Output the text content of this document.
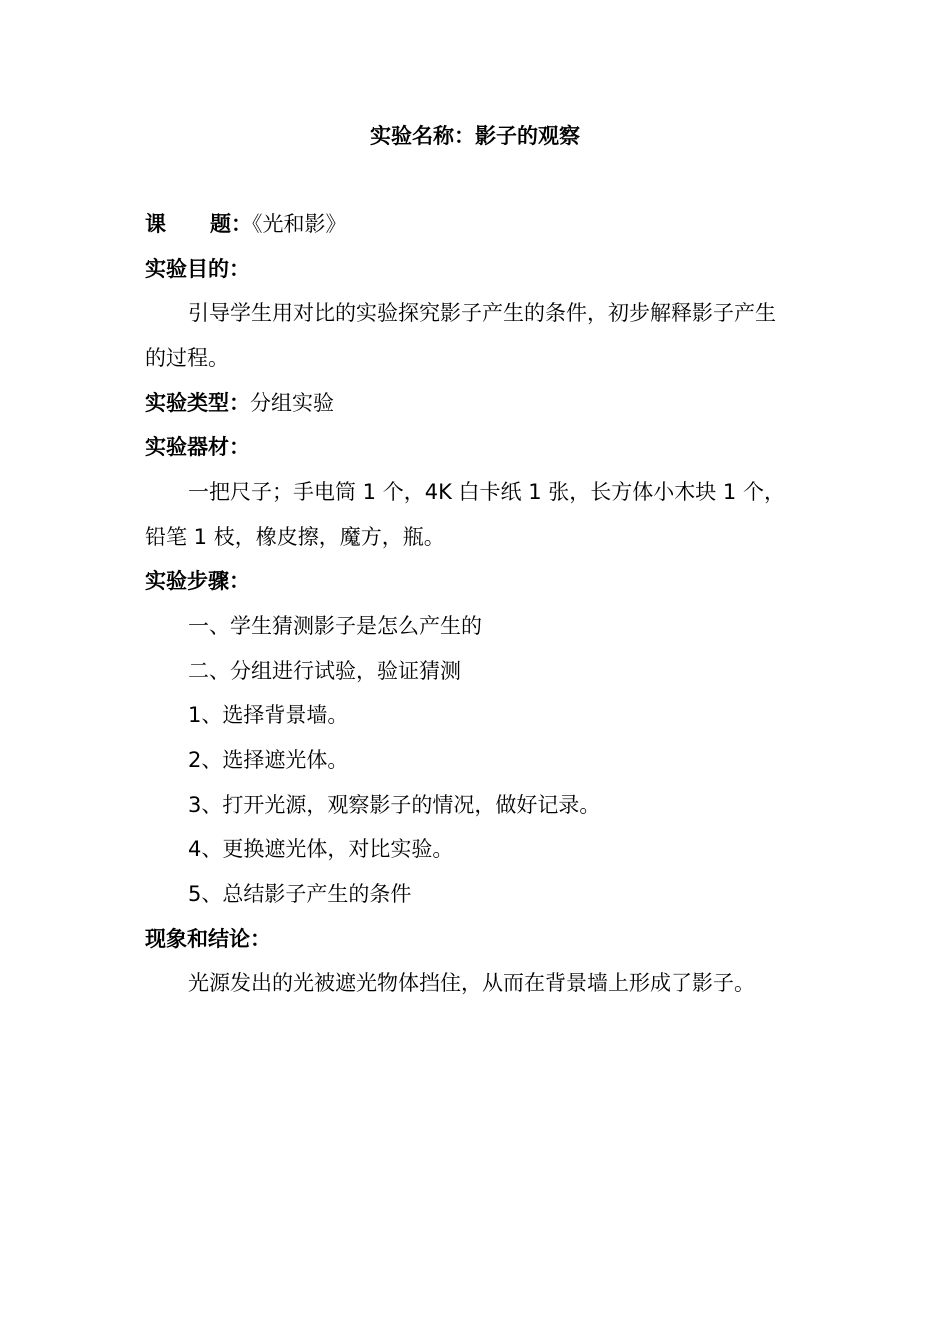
实验名称：影子的观察
课 题：《光和影》
实验目的：
引导学生用对比的实验探究影子产生的条件，初步解释影子产生
的过程。
实验类型：分组实验
实验器材：
一把尺子；手电筒 1 个，4K 白卡纸 1 张，长方体小木块 1 个，
铅笔 1 枝，橡皮擦，魔方，瓶。
实验步骤：
一、学生猜测影子是怎么产生的
二、分组进行试验，验证猜测
1、选择背景墙。
2、选择遮光体。
3、打开光源，观察影子的情况，做好记录。
4、更换遮光体，对比实验。
5、总结影子产生的条件
现象和结论：
光源发出的光被遮光物体挡住，从而在背景墙上形成了影子。
